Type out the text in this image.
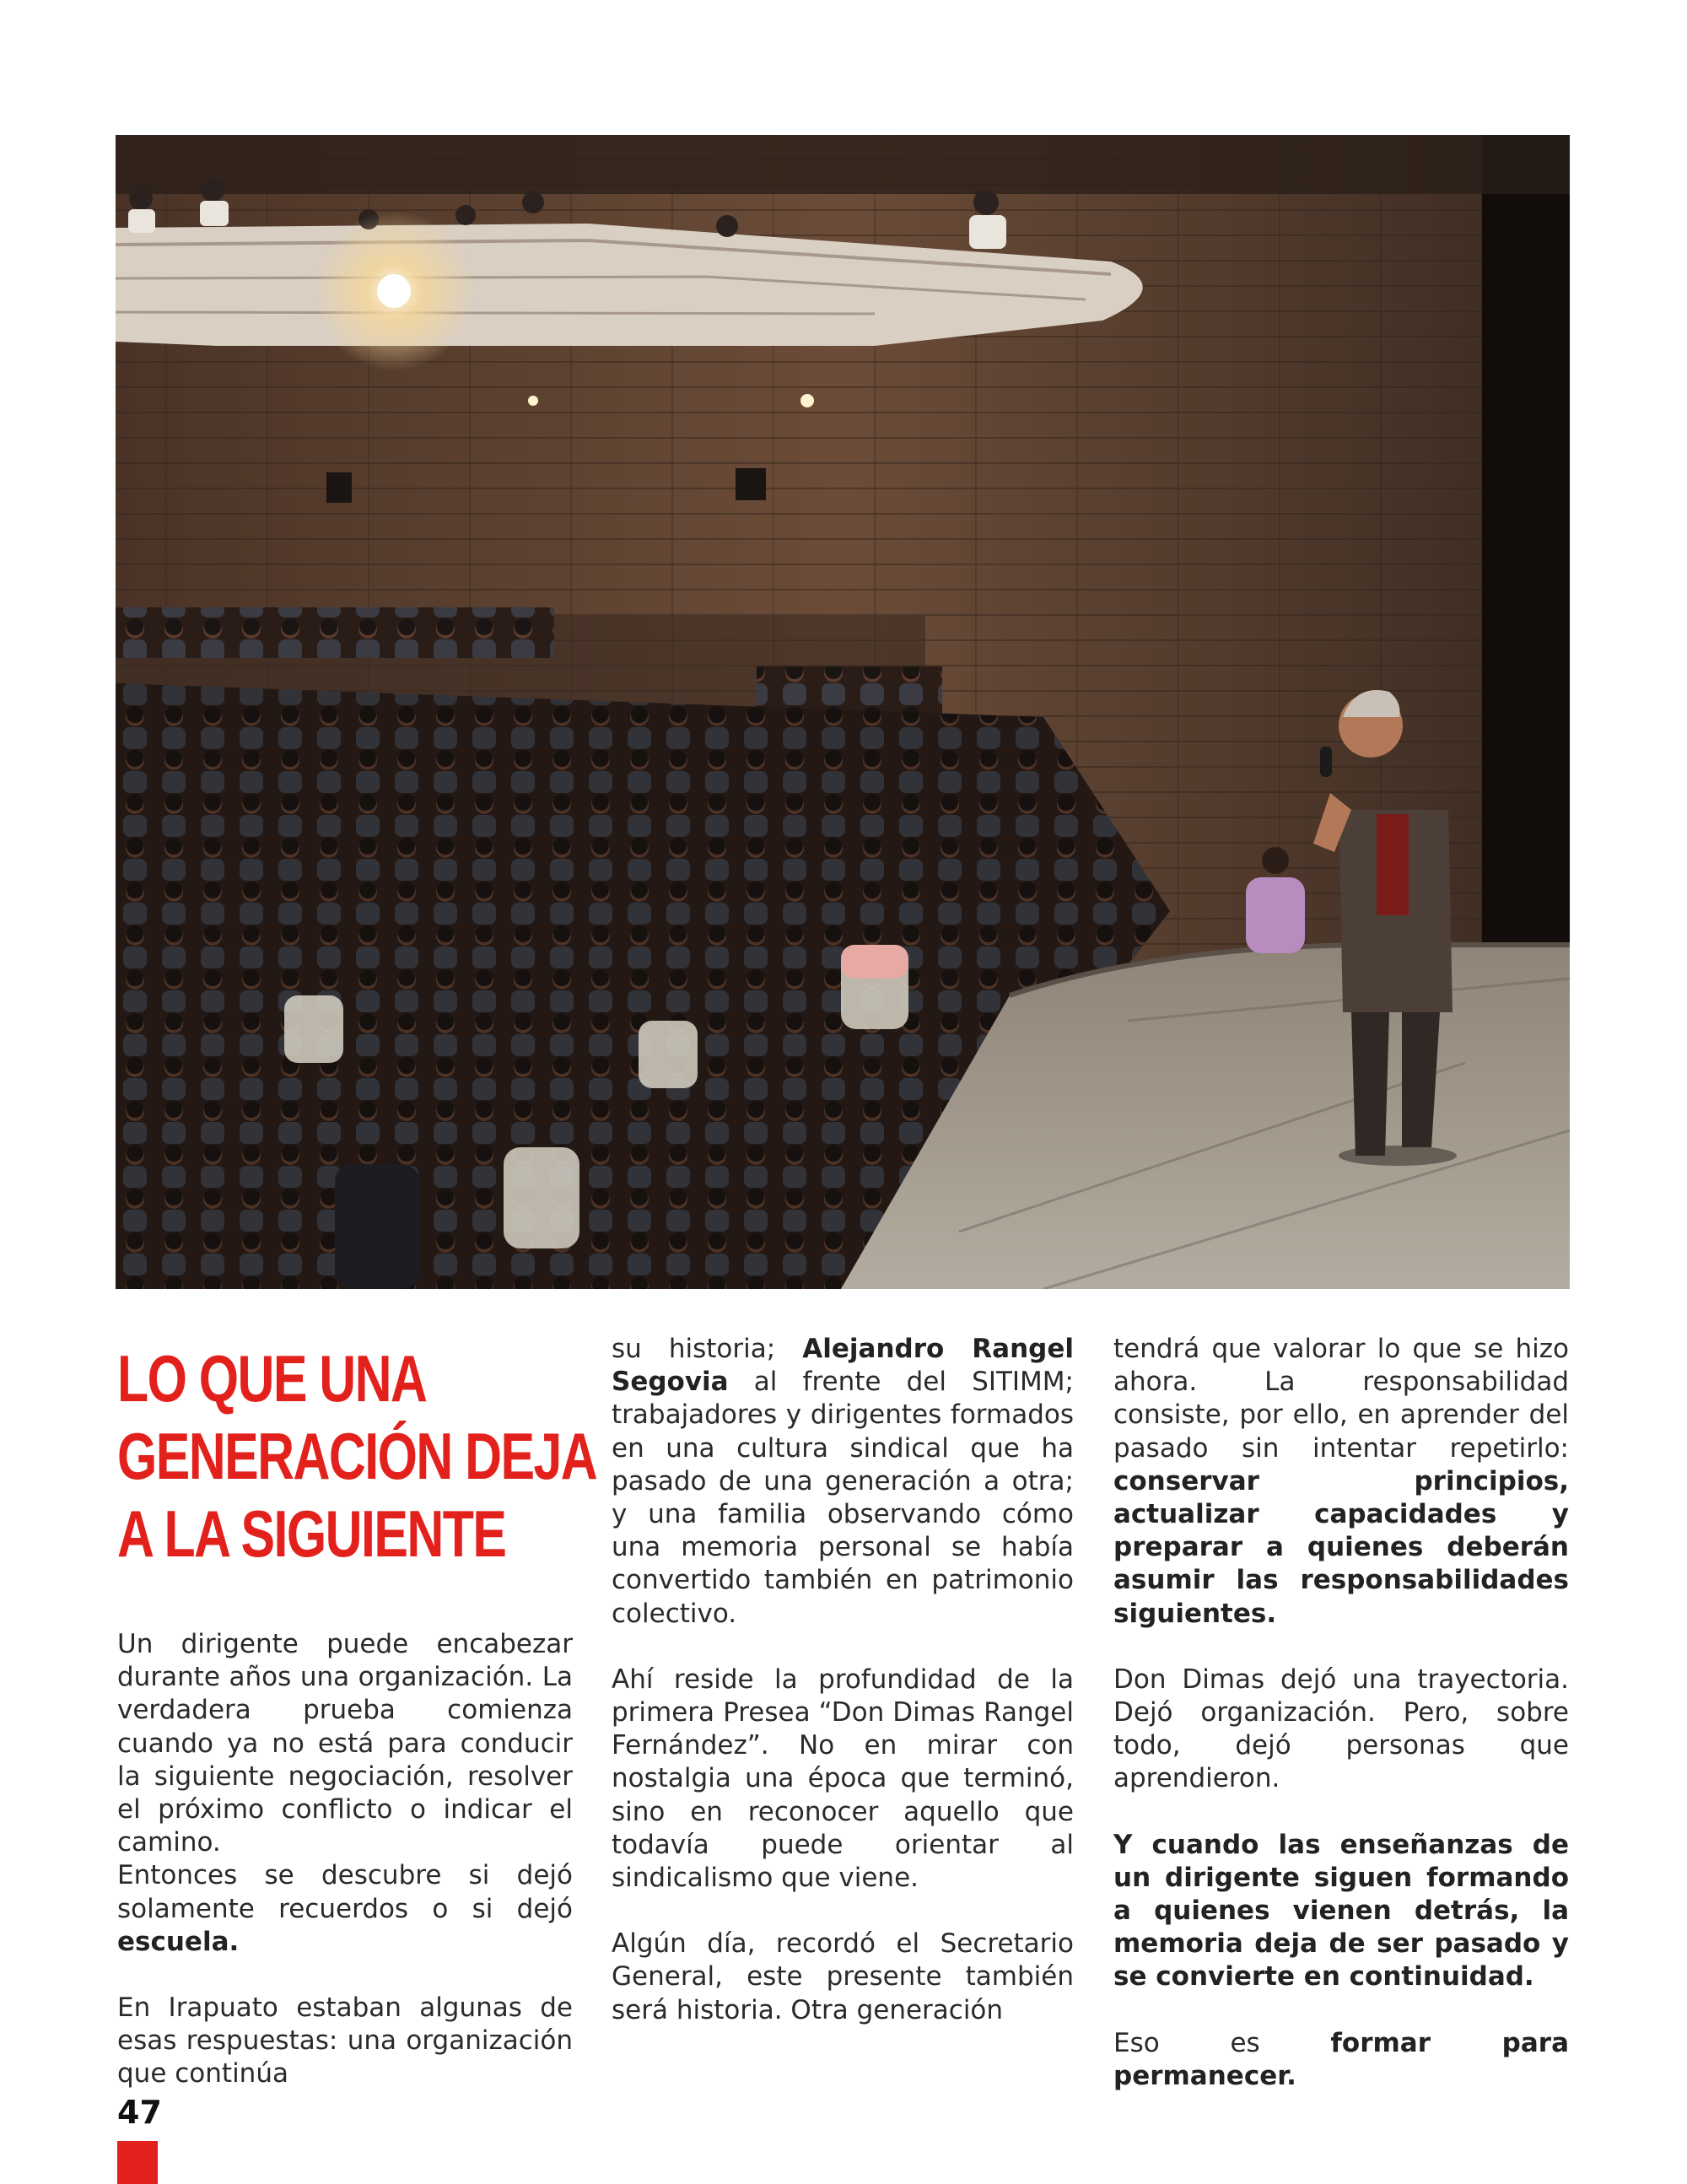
LO QUE UNA
GENERACIÓN DEJA
A LA SIGUIENTE

Un dirigente puede encabezar durante años una organización. La verdadera prueba comienza cuando ya no está para conducir la siguiente negociación, resolver el próximo conflicto o indicar el camino.

Entonces se descubre si dejó solamente recuerdos o si dejó escuela.

En Irapuato estaban algunas de esas respuestas: una organización que continúa

su historia; Alejandro Rangel Segovia al frente del SITIMM; trabajadores y dirigentes formados en una cultura sindical que ha pasado de una generación a otra; y una familia observando cómo una memoria personal se había convertido también en patrimonio colectivo.

Ahí reside la profundidad de la primera Presea “Don Dimas Rangel Fernández”. No en mirar con nostalgia una época que terminó, sino en reconocer aquello que todavía puede orientar al sindicalismo que viene.

Algún día, recordó el Secretario General, este presente también será historia. Otra generación

tendrá que valorar lo que se hizo ahora. La responsabilidad consiste, por ello, en aprender del pasado sin intentar repetirlo: conservar principios, actualizar capacidades y preparar a quienes deberán asumir las responsabilidades siguientes.

Don Dimas dejó una trayectoria. Dejó organización. Pero, sobre todo, dejó personas que aprendieron.

Y cuando las enseñanzas de un dirigente siguen formando a quienes vienen detrás, la memoria deja de ser pasado y se convierte en continuidad.

Eso es formar para permanecer.

47
